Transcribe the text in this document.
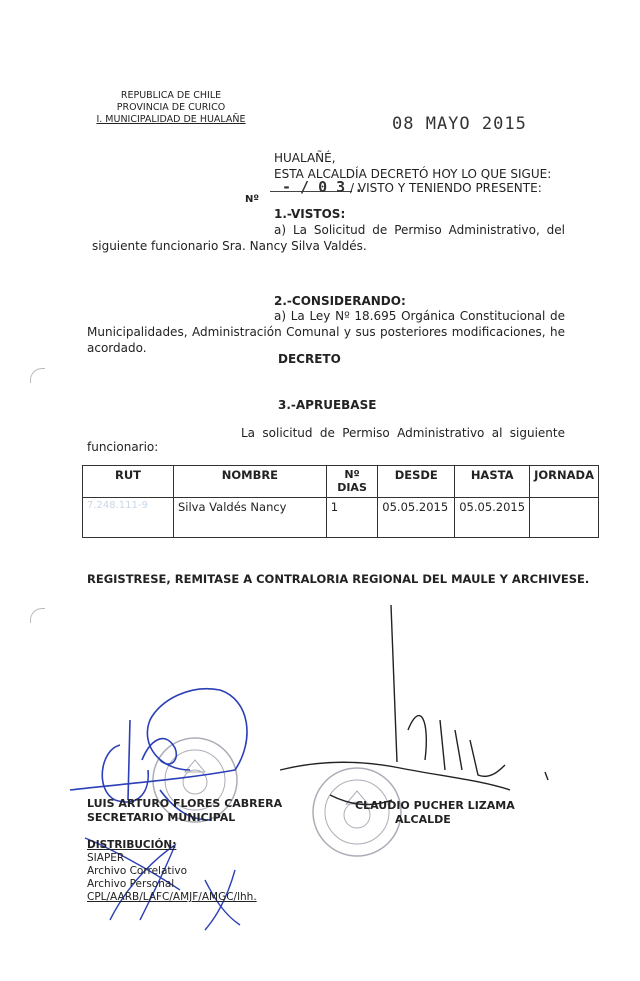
REPUBLICA DE CHILE
PROVINCIA DE CURICO
I. MUNICIPALIDAD DE HUALAÑE	08 MAYO 2015
HUALAÑÉ,
ESTA ALCALDÍA DECRETÓ HOY LO QUE SIGUE:
Nº
- / 0 3 .
/ VISTO Y TENIENDO PRESENTE:
1.-VISTOS:
a) La Solicitud de Permiso Administrativo, del siguiente funcionario Sra. Nancy Silva Valdés.
2.-CONSIDERANDO:
a) La Ley Nº 18.695 Orgánica Constitucional de Municipalidades, Administración Comunal y sus posteriores modificaciones, he acordado.
DECRETO
3.-APRUEBASE
La solicitud de Permiso Administrativo al siguiente
funcionario:
RUT	NOMBRE	Nº DIAS	DESDE	HASTA	JORNADA
7.248.111-9	Silva Valdés Nancy	1	05.05.2015	05.05.2015	
REGISTRESE, REMITASE A CONTRALORIA REGIONAL DEL MAULE Y ARCHIVESE.
LUIS ARTURO FLORES CABRERA
SECRETARIO MUNICIPAL
CLAUDIO PUCHER LIZAMA
ALCALDE
DISTRIBUCIÓN:
SIAPER
Archivo Correlativo
Archivo Personal
CPL/AARB/LAFC/AMJF/AMGC/lhh.
